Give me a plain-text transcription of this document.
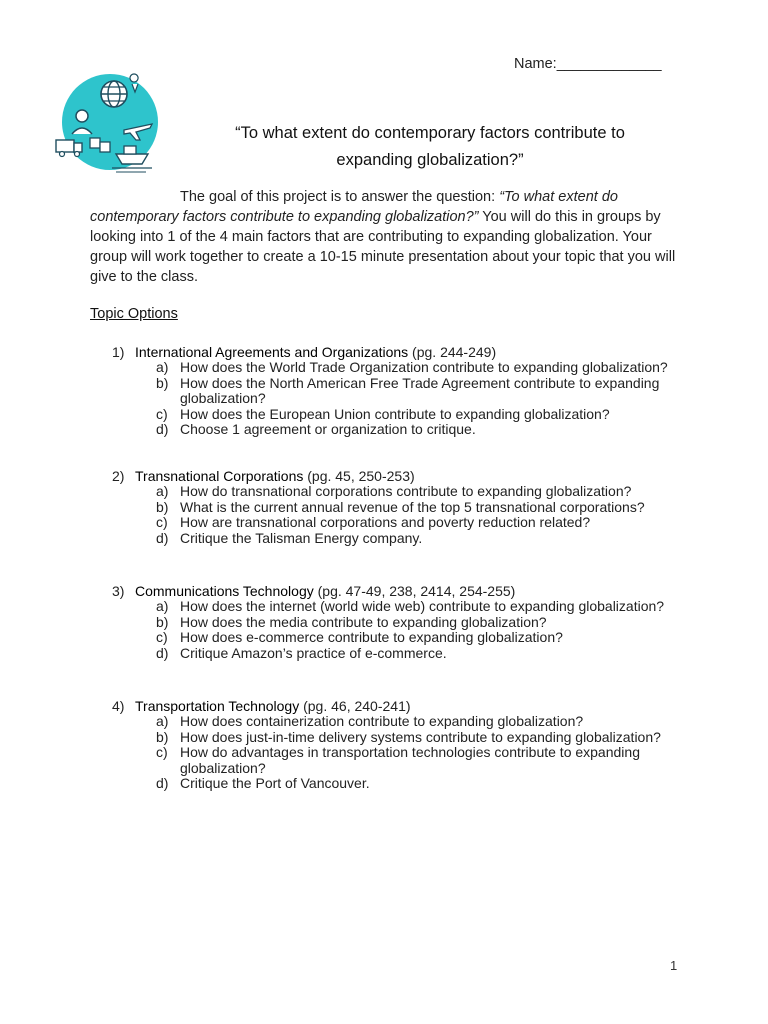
Name:_____________
“To what extent do contemporary factors contribute to
expanding globalization?”
The goal of this project is to answer the question: “To what extent do contemporary factors contribute to expanding globalization?” You will do this in groups by looking into 1 of the 4 main factors that are contributing to expanding globalization. Your group will work together to create a 10-15 minute presentation about your topic that you will give to the class.
Topic Options
1) International Agreements and Organizations (pg. 244-249)
a) How does the World Trade Organization contribute to expanding globalization?
b) How does the North American Free Trade Agreement contribute to expanding globalization?
c) How does the European Union contribute to expanding globalization?
d) Choose 1 agreement or organization to critique.
2) Transnational Corporations (pg. 45, 250-253)
a) How do transnational corporations contribute to expanding globalization?
b) What is the current annual revenue of the top 5 transnational corporations?
c) How are transnational corporations and poverty reduction related?
d) Critique the Talisman Energy company.
3) Communications Technology (pg. 47-49, 238, 2414, 254-255)
a) How does the internet (world wide web) contribute to expanding globalization?
b) How does the media contribute to expanding globalization?
c) How does e-commerce contribute to expanding globalization?
d) Critique Amazon’s practice of e-commerce.
4) Transportation Technology (pg. 46, 240-241)
a) How does containerization contribute to expanding globalization?
b) How does just-in-time delivery systems contribute to expanding globalization?
c) How do advantages in transportation technologies contribute to expanding globalization?
d) Critique the Port of Vancouver.
1
